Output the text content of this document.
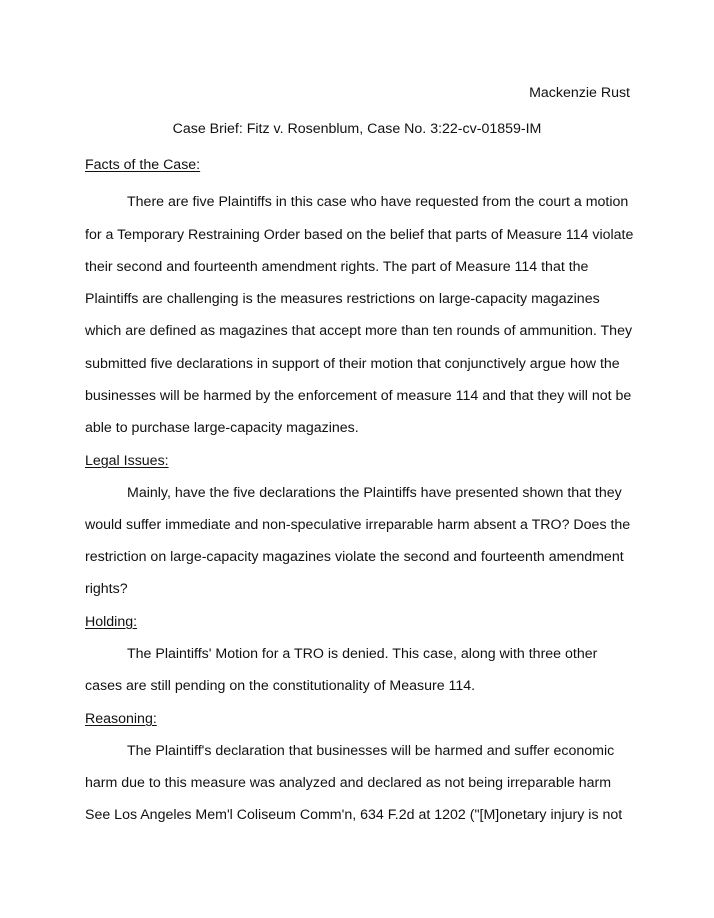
Mackenzie Rust
Case Brief: Fitz v. Rosenblum, Case No. 3:22-cv-01859-IM
Facts of the Case:
There are five Plaintiffs in this case who have requested from the court a motion
for a Temporary Restraining Order based on the belief that parts of Measure 114 violate
their second and fourteenth amendment rights. The part of Measure 114 that the
Plaintiffs are challenging is the measures restrictions on large-capacity magazines
which are defined as magazines that accept more than ten rounds of ammunition. They
submitted five declarations in support of their motion that conjunctively argue how the
businesses will be harmed by the enforcement of measure 114 and that they will not be
able to purchase large-capacity magazines.
Legal Issues:
Mainly, have the five declarations the Plaintiffs have presented shown that they
would suffer immediate and non-speculative irreparable harm absent a TRO? Does the
restriction on large-capacity magazines violate the second and fourteenth amendment
rights?
Holding:
The Plaintiffs' Motion for a TRO is denied. This case, along with three other
cases are still pending on the constitutionality of Measure 114.
Reasoning:
The Plaintiff's declaration that businesses will be harmed and suffer economic
harm due to this measure was analyzed and declared as not being irreparable harm
See Los Angeles Mem'l Coliseum Comm'n, 634 F.2d at 1202 ("[M]onetary injury is not
